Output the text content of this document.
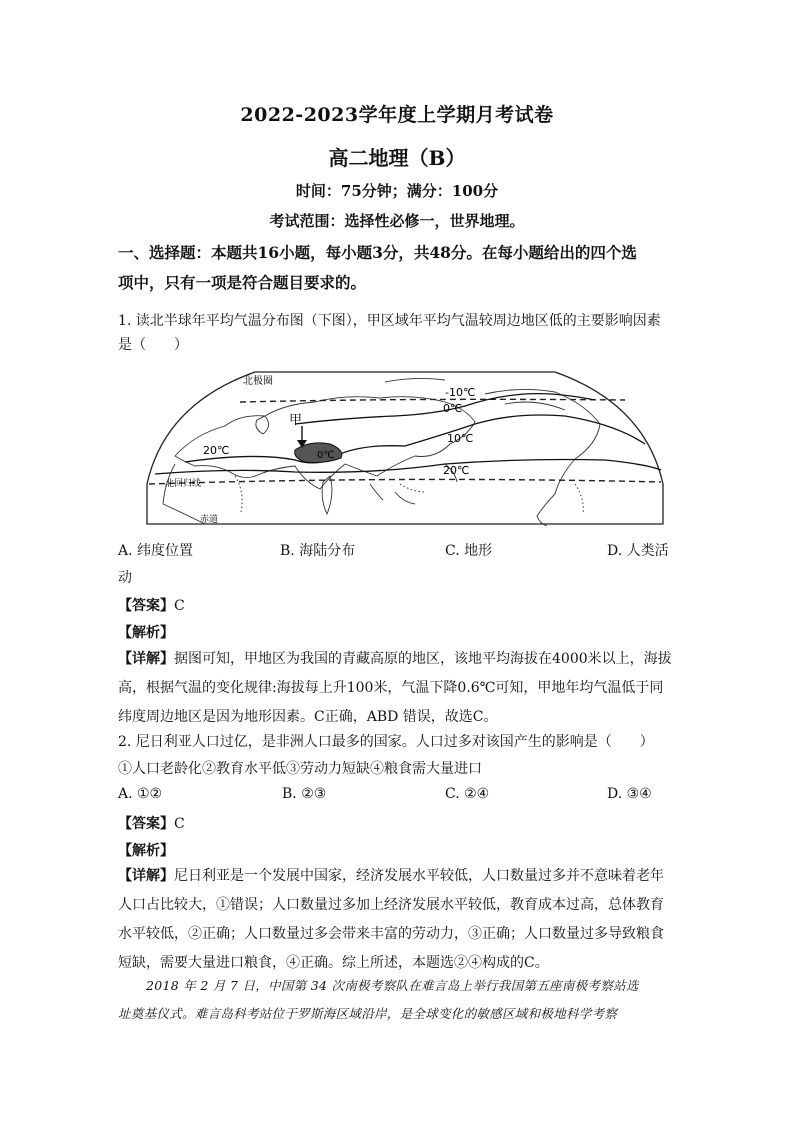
2022-2023学年度上学期月考试卷
高二地理（B）
时间：75分钟；满分：100分
考试范围：选择性必修一，世界地理。
一、选择题：本题共16小题，每小题3分，共48分。在每小题给出的四个选
项中，只有一项是符合题目要求的。
1. 读北半球年平均气温分布图（下图），甲区域年平均气温较周边地区低的主要影响因素
是（　　）
北极圈
北回归线
赤道
甲
20℃	0℃
-10℃
0℃
10℃
20℃
A. 纬度位置	B. 海陆分布	C. 地形	D. 人类活
动
【答案】C
【解析】
【详解】据图可知，甲地区为我国的青藏高原的地区，该地平均海拔在4000米以上，海拔
高，根据气温的变化规律:海拔每上升100米，气温下降0.6℃可知，甲地年均气温低于同
纬度周边地区是因为地形因素。C正确，ABD 错误，故选C。
2. 尼日利亚人口过亿，是非洲人口最多的国家。人口过多对该国产生的影响是（　　）
①人口老龄化②教育水平低③劳动力短缺④粮食需大量进口
A. ①②	B. ②③	C. ②④	D. ③④
【答案】C
【解析】
【详解】尼日利亚是一个发展中国家，经济发展水平较低，人口数量过多并不意味着老年
人口占比较大，①错误；人口数量过多加上经济发展水平较低，教育成本过高，总体教育
水平较低，②正确；人口数量过多会带来丰富的劳动力，③正确；人口数量过多导致粮食
短缺，需要大量进口粮食，④正确。综上所述，本题选②④构成的C。
2018 年 2 月 7 日，中国第 34 次南极考察队在难言岛上举行我国第五座南极考察站选
址奠基仪式。难言岛科考站位于罗斯海区域沿岸，是全球变化的敏感区域和极地科学考察
